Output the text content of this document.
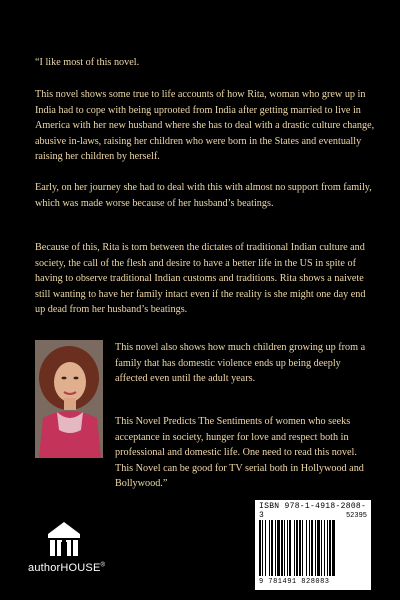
“I like most of this novel.

This novel shows some true to life accounts of how Rita, woman who grew up in India had to cope with being uprooted from India after getting married to live in America with her new husband where she has to deal with a drastic culture change, abusive in-laws, raising her children who were born in the States and eventually raising her children by herself.

Early, on her journey she had to deal with this with almost no support from family, which was made worse because of her husband’s beatings.

Because of this, Rita is torn between the dictates of traditional Indian culture and society, the call of the flesh and desire to have a better life in the US in spite of having to observe traditional Indian customs and traditions. Rita shows a naivete still wanting to have her family intact even if the reality is she might one day end up dead from her husband’s beatings.

This novel also shows how much children growing up from a family that has domestic violence ends up being deeply affected even until the adult years.

This Novel Predicts The Sentiments of women who seeks acceptance in society, hunger for love and respect both in professional and domestic life. One need to read this novel. This Novel can be good for TV serial both in Hollywood and Bollywood.”

authorHOUSE®
ISBN 978-1-4918-2808-3	52395
9 781491 828083
